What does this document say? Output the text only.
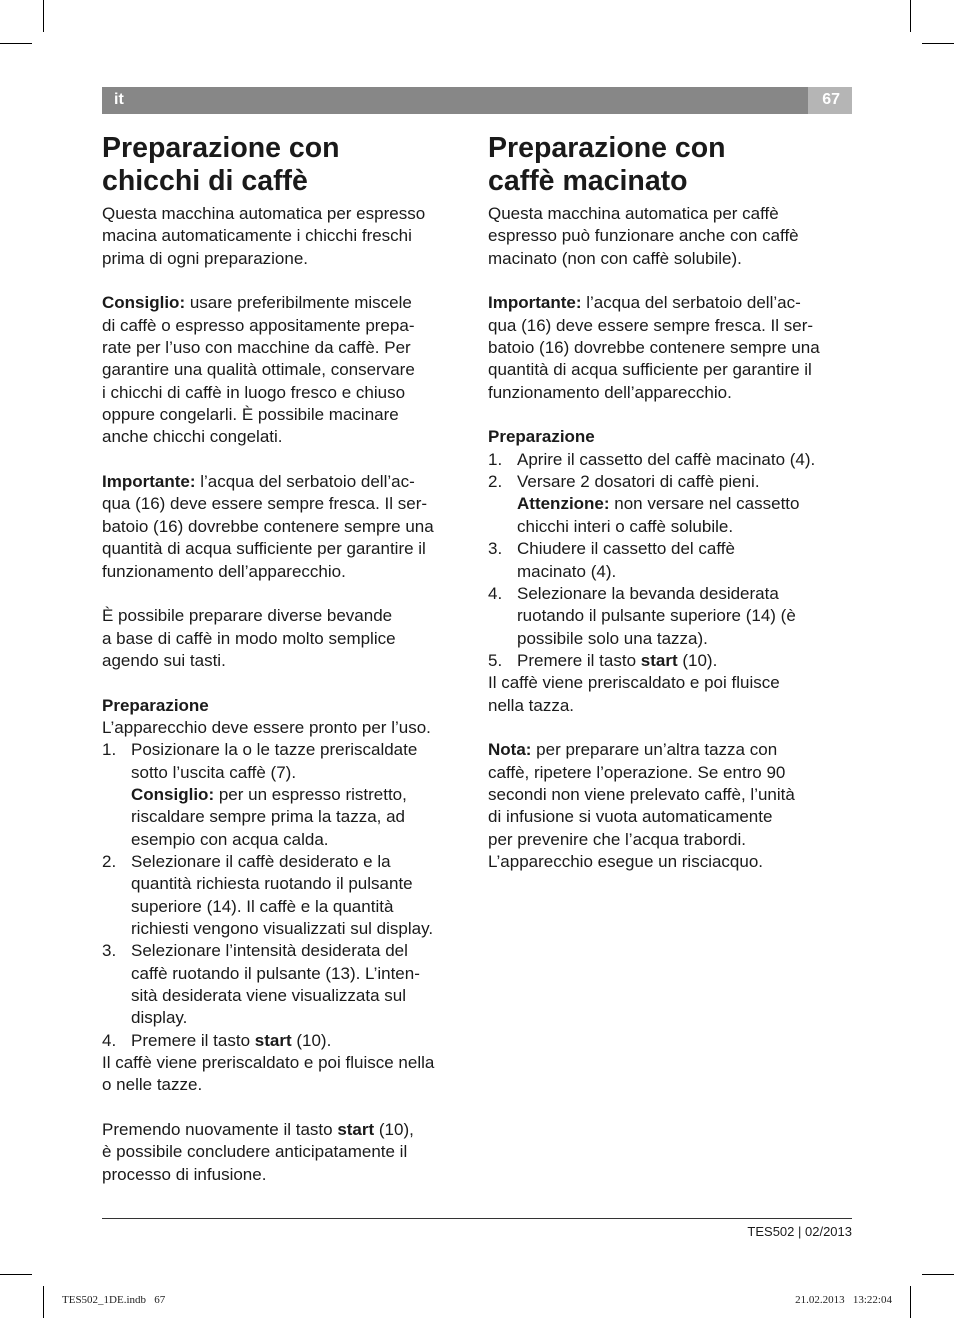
it	67
Preparazione con
chicchi di caffè

Questa macchina automatica per espresso
macina automaticamente i chicchi freschi
prima di ogni preparazione.

Consiglio: usare preferibilmente miscele
di caffè o espresso appositamente prepa-
rate per l’uso con macchine da caffè. Per
garantire una qualità ottimale, conservare
i chicchi di caffè in luogo fresco e chiuso
oppure congelarli. È possibile macinare
anche chicchi congelati.

Importante: l’acqua del serbatoio dell’ac-
qua (16) deve essere sempre fresca. Il ser-
batoio (16) dovrebbe contenere sempre una
quantità di acqua sufficiente per garantire il
funzionamento dell’apparecchio.

È possibile preparare diverse bevande
a base di caffè in modo molto semplice
agendo sui tasti.

Preparazione

L’apparecchio deve essere pronto per l’uso.

1. Posizionare la o le tazze preriscaldate
sotto l’uscita caffè (7).
Consiglio: per un espresso ristretto,
riscaldare sempre prima la tazza, ad
esempio con acqua calda.
2. Selezionare il caffè desiderato e la
quantità richiesta ruotando il pulsante
superiore (14). Il caffè e la quantità
richiesti vengono visualizzati sul display.
3. Selezionare l’intensità desiderata del
caffè ruotando il pulsante (13). L’inten-
sità desiderata viene visualizzata sul
display.
4. Premere il tasto start (10).

Il caffè viene preriscaldato e poi fluisce nella
o nelle tazze.

Premendo nuovamente il tasto start (10),
è possibile concludere anticipatamente il
processo di infusione.

Preparazione con
caffè macinato

Questa macchina automatica per caffè
espresso può funzionare anche con caffè
macinato (non con caffè solubile).

Importante: l’acqua del serbatoio dell’ac-
qua (16) deve essere sempre fresca. Il ser-
batoio (16) dovrebbe contenere sempre una
quantità di acqua sufficiente per garantire il
funzionamento dell’apparecchio.

Preparazione

1. Aprire il cassetto del caffè macinato (4).
2. Versare 2 dosatori di caffè pieni.
Attenzione: non versare nel cassetto
chicchi interi o caffè solubile.
3. Chiudere il cassetto del caffè
macinato (4).
4. Selezionare la bevanda desiderata
ruotando il pulsante superiore (14) (è
possibile solo una tazza).
5. Premere il tasto start (10).

Il caffè viene preriscaldato e poi fluisce
nella tazza.

Nota: per preparare un’altra tazza con
caffè, ripetere l’operazione. Se entro 90
secondi non viene prelevato caffè, l’unità
di infusione si vuota automaticamente
per prevenire che l’acqua trabordi.
L’apparecchio esegue un risciacquo.

TES502 | 02/2013
TES502_1DE.indb   67	21.02.2013   13:22:04
